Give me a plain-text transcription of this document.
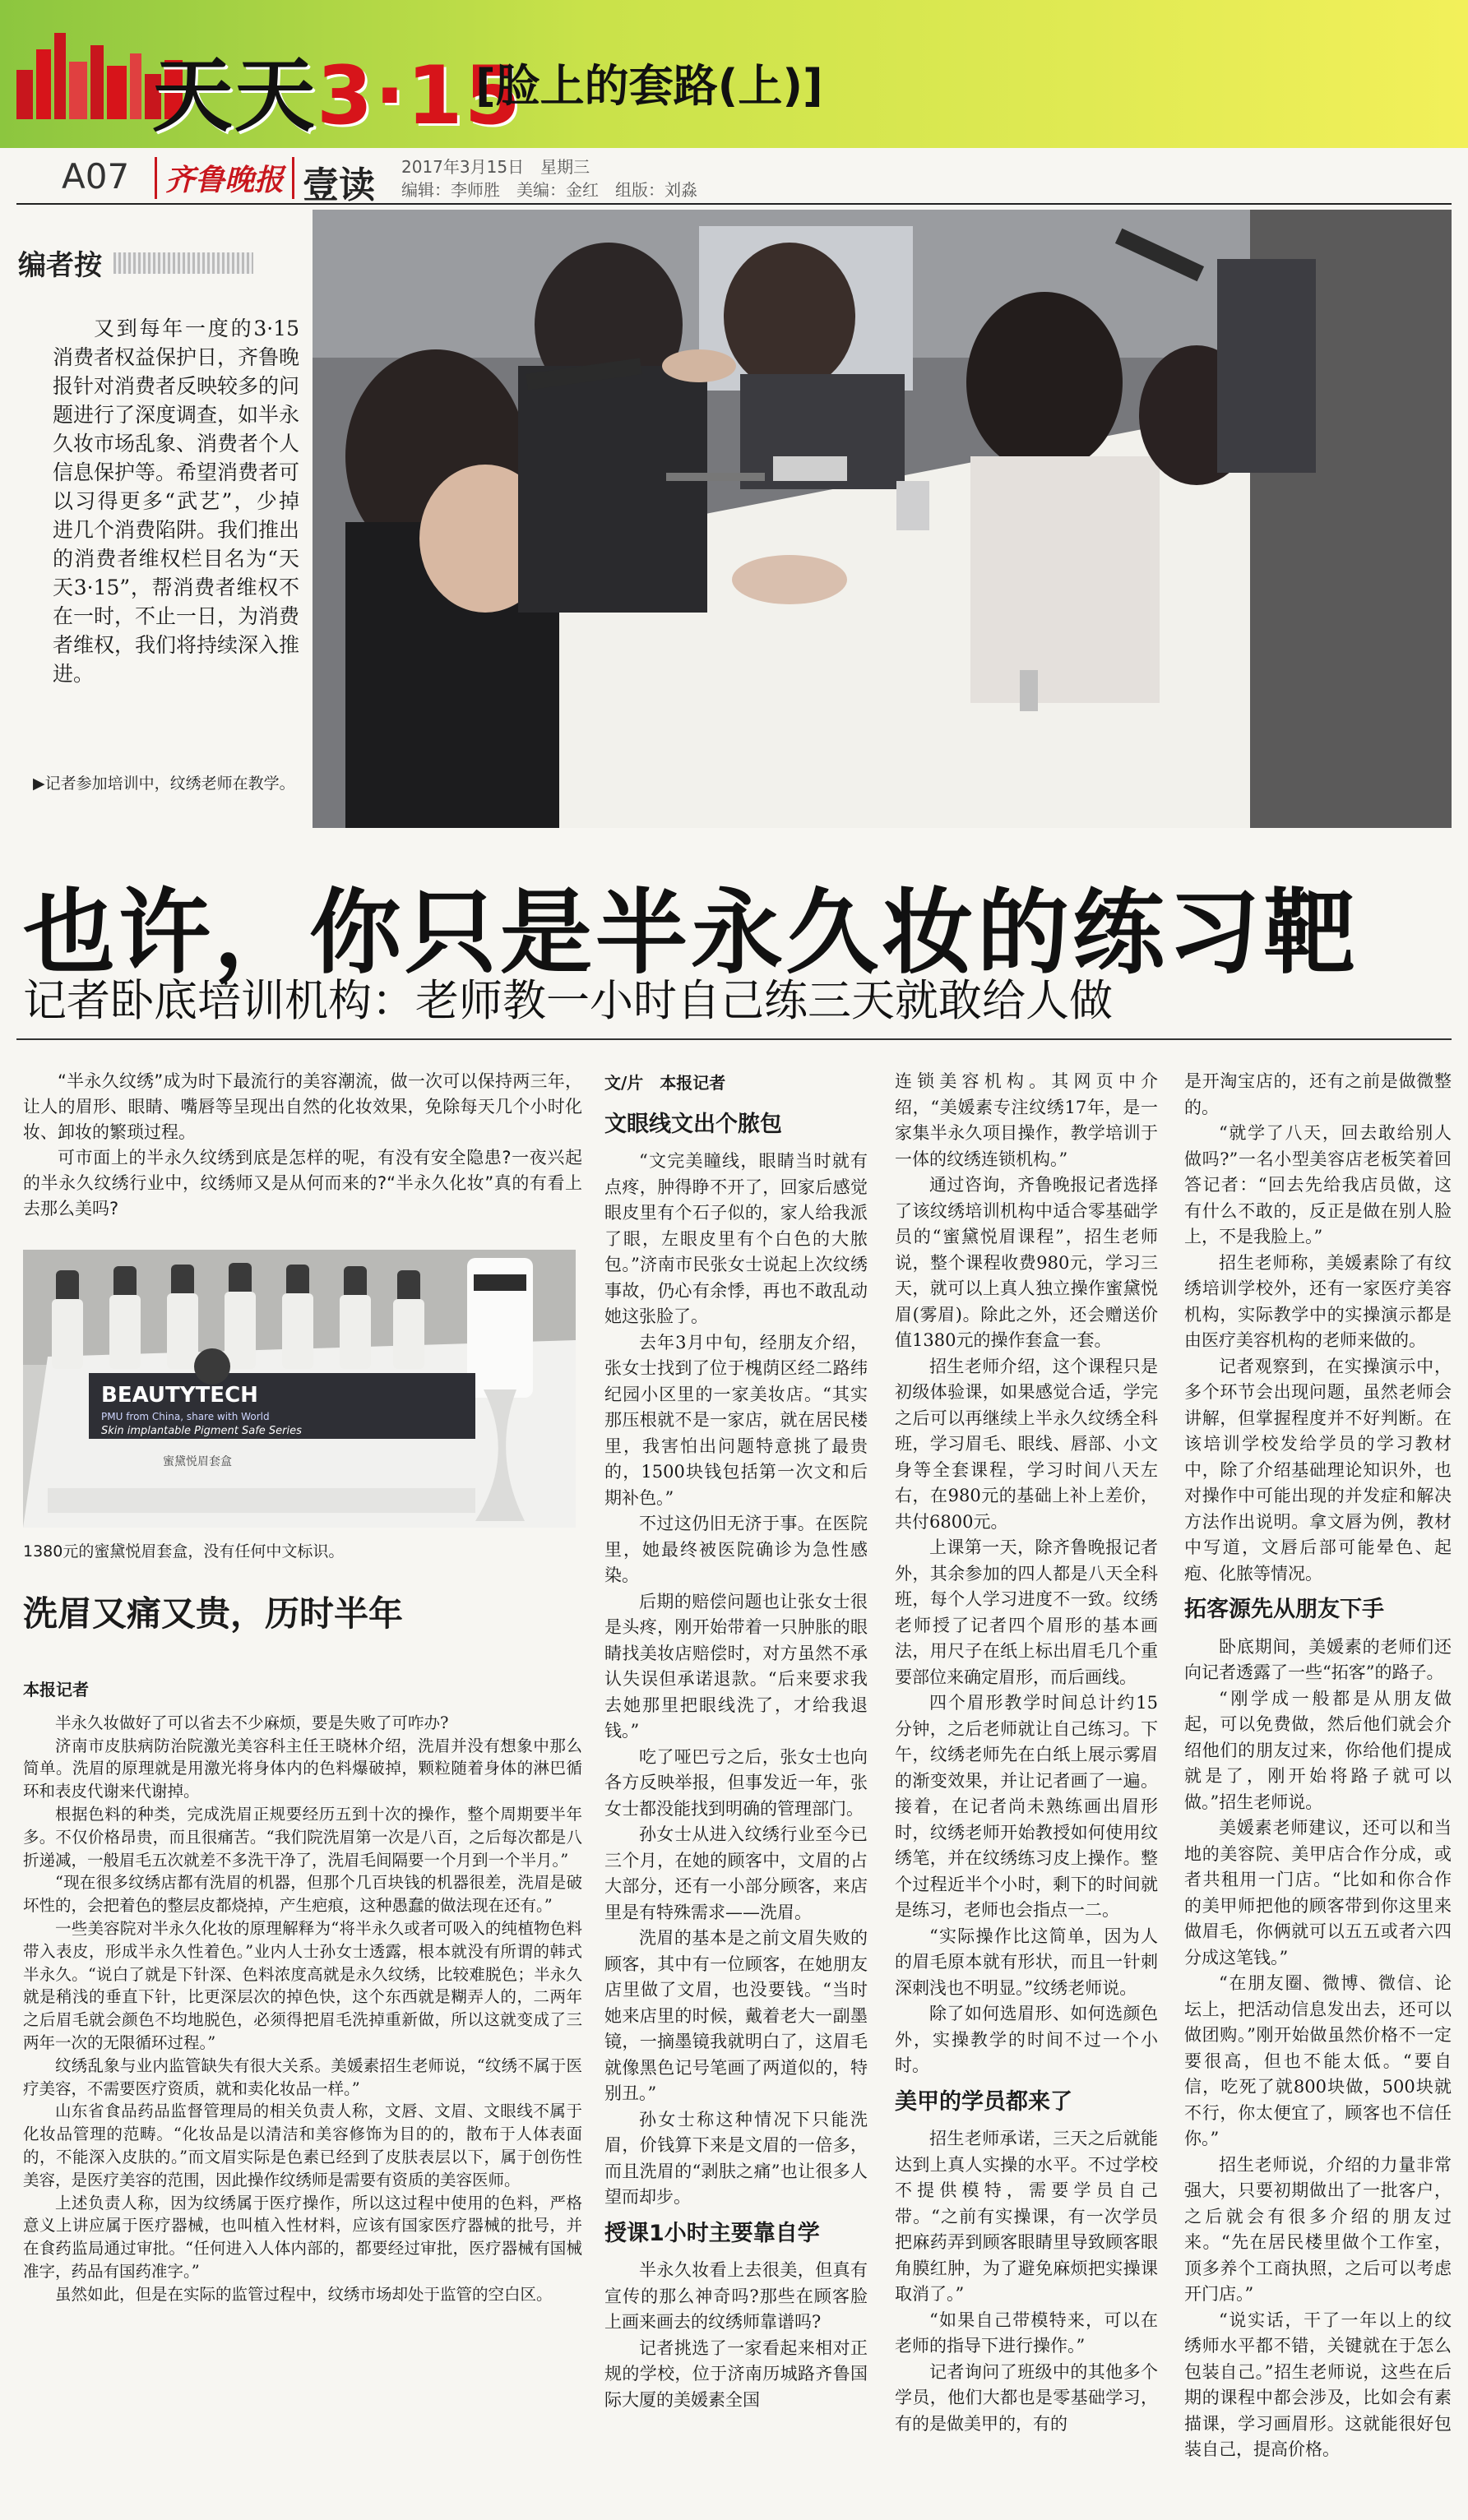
天天3·15
[脸上的套路(上)]
A07	齐鲁晚报 壹读 2017年3月15日　星期三
编辑：李师胜　美编：金红　组版：刘淼
编者按
又到每年一度的3·15消费者权益保护日，齐鲁晚报针对消费者反映较多的问题进行了深度调查，如半永久妆市场乱象、消费者个人信息保护等。希望消费者可以习得更多“武艺”，少掉进几个消费陷阱。我们推出的消费者维权栏目名为“天天3·15”，帮消费者维权不在一时，不止一日，为消费者维权，我们将持续深入推进。
▶记者参加培训中，纹绣老师在教学。
也许，你只是半永久妆的练习靶
记者卧底培训机构：老师教一小时自己练三天就敢给人做

“半永久纹绣”成为时下最流行的美容潮流，做一次可以保持两三年，让人的眉形、眼睛、嘴唇等呈现出自然的化妆效果，免除每天几个小时化妆、卸妆的繁琐过程。

可市面上的半永久纹绣到底是怎样的呢，有没有安全隐患?一夜兴起的半永久纹绣行业中，纹绣师又是从何而来的?“半永久化妆”真的有看上去那么美吗?

BEAUTYTECH
PMU from China, share with World
Skin implantable Pigment Safe Series
蜜黛悦眉套盒
1380元的蜜黛悦眉套盒，没有任何中文标识。
洗眉又痛又贵，历时半年
本报记者

半永久妆做好了可以省去不少麻烦，要是失败了可咋办?

济南市皮肤病防治院激光美容科主任王晓林介绍，洗眉并没有想象中那么简单。洗眉的原理就是用激光将身体内的色料爆破掉，颗粒随着身体的淋巴循环和表皮代谢来代谢掉。

根据色料的种类，完成洗眉正规要经历五到十次的操作，整个周期要半年多。不仅价格昂贵，而且很痛苦。“我们院洗眉第一次是八百，之后每次都是八折递减，一般眉毛五次就差不多洗干净了，洗眉毛间隔要一个月到一个半月。”

“现在很多纹绣店都有洗眉的机器，但那个几百块钱的机器很差，洗眉是破坏性的，会把着色的整层皮都烧掉，产生疤痕，这种愚蠢的做法现在还有。”

一些美容院对半永久化妆的原理解释为“将半永久或者可吸入的纯植物色料带入表皮，形成半永久性着色。”业内人士孙女士透露，根本就没有所谓的韩式半永久。“说白了就是下针深、色料浓度高就是永久纹绣，比较难脱色；半永久就是稍浅的垂直下针，比更深层次的掉色快，这个东西就是糊弄人的，二两年之后眉毛就会颜色不均地脱色，必须得把眉毛洗掉重新做，所以这就变成了三两年一次的无限循环过程。”

纹绣乱象与业内监管缺失有很大关系。美媛素招生老师说，“纹绣不属于医疗美容，不需要医疗资质，就和卖化妆品一样。”

山东省食品药品监督管理局的相关负责人称，文唇、文眉、文眼线不属于化妆品管理的范畴。“化妆品是以清洁和美容修饰为目的的，散布于人体表面的，不能深入皮肤的。”而文眉实际是色素已经到了皮肤表层以下，属于创伤性美容，是医疗美容的范围，因此操作纹绣师是需要有资质的美容医师。

上述负责人称，因为纹绣属于医疗操作，所以这过程中使用的色料，严格意义上讲应属于医疗器械，也叫植入性材料，应该有国家医疗器械的批号，并在食药监局通过审批。“任何进入人体内部的，都要经过审批，医疗器械有国械准字，药品有国药准字。”

虽然如此，但是在实际的监管过程中，纹绣市场却处于监管的空白区。

文/片　本报记者
文眼线文出个脓包

“文完美瞳线，眼睛当时就有点疼，肿得睁不开了，回家后感觉眼皮里有个石子似的，家人给我派了眼，左眼皮里有个白色的大脓包。”济南市民张女士说起上次纹绣事故，仍心有余悸，再也不敢乱动她这张脸了。

去年3月中旬，经朋友介绍，张女士找到了位于槐荫区经二路纬纪园小区里的一家美妆店。“其实那压根就不是一家店，就在居民楼里，我害怕出问题特意挑了最贵的，1500块钱包括第一次文和后期补色。”

不过这仍旧无济于事。在医院里，她最终被医院确诊为急性感染。

后期的赔偿问题也让张女士很是头疼，刚开始带着一只肿胀的眼睛找美妆店赔偿时，对方虽然不承认失误但承诺退款。“后来要求我去她那里把眼线洗了，才给我退钱。”

吃了哑巴亏之后，张女士也向各方反映举报，但事发近一年，张女士都没能找到明确的管理部门。

孙女士从进入纹绣行业至今已三个月，在她的顾客中，文眉的占大部分，还有一小部分顾客，来店里是有特殊需求——洗眉。

洗眉的基本是之前文眉失败的顾客，其中有一位顾客，在她朋友店里做了文眉，也没要钱。“当时她来店里的时候，戴着老大一副墨镜，一摘墨镜我就明白了，这眉毛就像黑色记号笔画了两道似的，特别丑。”

孙女士称这种情况下只能洗眉，价钱算下来是文眉的一倍多，而且洗眉的“剥肤之痛”也让很多人望而却步。

授课1小时主要靠自学

半永久妆看上去很美，但真有宣传的那么神奇吗?那些在顾客脸上画来画去的纹绣师靠谱吗?

记者挑选了一家看起来相对正规的学校，位于济南历城路齐鲁国际大厦的美媛素全国

连锁美容机构。其网页中介绍，“美媛素专注纹绣17年，是一家集半永久项目操作，教学培训于一体的纹绣连锁机构。”

通过咨询，齐鲁晚报记者选择了该纹绣培训机构中适合零基础学员的“蜜黛悦眉课程”，招生老师说，整个课程收费980元，学习三天，就可以上真人独立操作蜜黛悦眉(雾眉)。除此之外，还会赠送价值1380元的操作套盒一套。

招生老师介绍，这个课程只是初级体验课，如果感觉合适，学完之后可以再继续上半永久纹绣全科班，学习眉毛、眼线、唇部、小文身等全套课程，学习时间八天左右，在980元的基础上补上差价，共付6800元。

上课第一天，除齐鲁晚报记者外，其余参加的四人都是八天全科班，每个人学习进度不一致。纹绣老师授了记者四个眉形的基本画法，用尺子在纸上标出眉毛几个重要部位来确定眉形，而后画线。

四个眉形教学时间总计约15分钟，之后老师就让自己练习。下午，纹绣老师先在白纸上展示雾眉的渐变效果，并让记者画了一遍。接着，在记者尚未熟练画出眉形时，纹绣老师开始教授如何使用纹绣笔，并在纹绣练习皮上操作。整个过程近半个小时，剩下的时间就是练习，老师也会指点一二。

“实际操作比这简单，因为人的眉毛原本就有形状，而且一针刺深刺浅也不明显。”纹绣老师说。

除了如何选眉形、如何选颜色外，实操教学的时间不过一个小时。

美甲的学员都来了

招生老师承诺，三天之后就能达到上真人实操的水平。不过学校不提供模特，需要学员自己带。“之前有实操课，有一次学员把麻药弄到顾客眼睛里导致顾客眼角膜红肿，为了避免麻烦把实操课取消了。”

“如果自己带模特来，可以在老师的指导下进行操作。”

记者询问了班级中的其他多个学员，他们大都也是零基础学习，有的是做美甲的，有的

是开淘宝店的，还有之前是做微整的。

“就学了八天，回去敢给别人做吗?”一名小型美容店老板笑着回答记者：“回去先给我店员做，这有什么不敢的，反正是做在别人脸上，不是我脸上。”

招生老师称，美媛素除了有纹绣培训学校外，还有一家医疗美容机构，实际教学中的实操演示都是由医疗美容机构的老师来做的。

记者观察到，在实操演示中，多个环节会出现问题，虽然老师会讲解，但掌握程度并不好判断。在该培训学校发给学员的学习教材中，除了介绍基础理论知识外，也对操作中可能出现的并发症和解决方法作出说明。拿文唇为例，教材中写道，文唇后部可能晕色、起疱、化脓等情况。

拓客源先从朋友下手

卧底期间，美媛素的老师们还向记者透露了一些“拓客”的路子。

“刚学成一般都是从朋友做起，可以免费做，然后他们就会介绍他们的朋友过来，你给他们提成就是了，刚开始将路子就可以做。”招生老师说。

美媛素老师建议，还可以和当地的美容院、美甲店合作分成，或者共租用一门店。“比如和你合作的美甲师把他的顾客带到你这里来做眉毛，你俩就可以五五或者六四分成这笔钱。”

“在朋友圈、微博、微信、论坛上，把活动信息发出去，还可以做团购。”刚开始做虽然价格不一定要很高，但也不能太低。“要自信，吃死了就800块做，500块就不行，你太便宜了，顾客也不信任你。”

招生老师说，介绍的力量非常强大，只要初期做出了一批客户，之后就会有很多介绍的朋友过来。“先在居民楼里做个工作室，顶多养个工商执照，之后可以考虑开门店。”

“说实话，干了一年以上的纹绣师水平都不错，关键就在于怎么包装自己。”招生老师说，这些在后期的课程中都会涉及，比如会有素描课，学习画眉形。这就能很好包装自己，提高价格。
